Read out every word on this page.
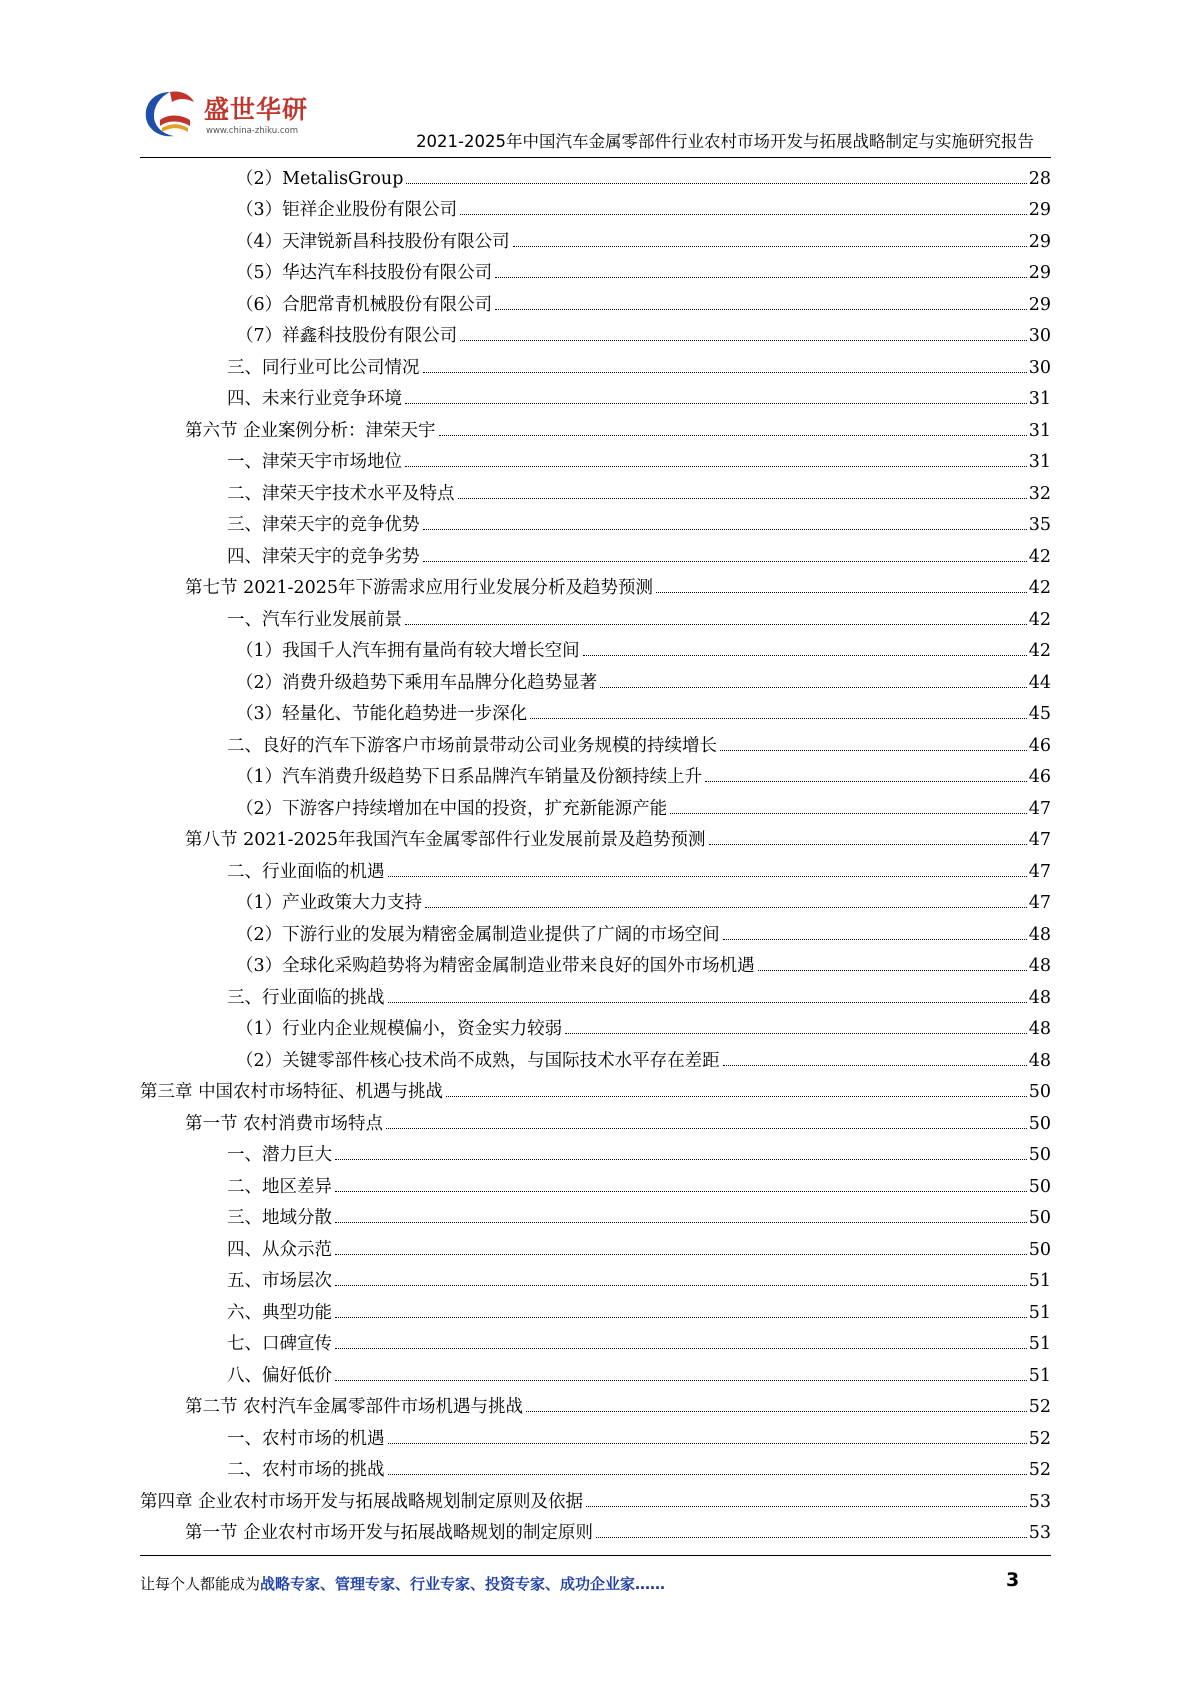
盛世华研
www.china-zhiku.com
2021-2025年中国汽车金属零部件行业农村市场开发与拓展战略制定与实施研究报告
（2）MetalisGroup	28
（3）钜祥企业股份有限公司	29
（4）天津锐新昌科技股份有限公司	29
（5）华达汽车科技股份有限公司	29
（6）合肥常青机械股份有限公司	29
（7）祥鑫科技股份有限公司	30
三、同行业可比公司情况	30
四、未来行业竞争环境	31
第六节 企业案例分析：津荣天宇	31
一、津荣天宇市场地位	31
二、津荣天宇技术水平及特点	32
三、津荣天宇的竞争优势	35
四、津荣天宇的竞争劣势	42
第七节 2021-2025年下游需求应用行业发展分析及趋势预测	42
一、汽车行业发展前景	42
（1）我国千人汽车拥有量尚有较大增长空间	42
（2）消费升级趋势下乘用车品牌分化趋势显著	44
（3）轻量化、节能化趋势进一步深化	45
二、良好的汽车下游客户市场前景带动公司业务规模的持续增长	46
（1）汽车消费升级趋势下日系品牌汽车销量及份额持续上升	46
（2）下游客户持续增加在中国的投资，扩充新能源产能	47
第八节 2021-2025年我国汽车金属零部件行业发展前景及趋势预测	47
二、行业面临的机遇	47
（1）产业政策大力支持	47
（2）下游行业的发展为精密金属制造业提供了广阔的市场空间	48
（3）全球化采购趋势将为精密金属制造业带来良好的国外市场机遇	48
三、行业面临的挑战	48
（1）行业内企业规模偏小，资金实力较弱	48
（2）关键零部件核心技术尚不成熟，与国际技术水平存在差距	48
第三章 中国农村市场特征、机遇与挑战	50
第一节 农村消费市场特点	50
一、潜力巨大	50
二、地区差异	50
三、地域分散	50
四、从众示范	50
五、市场层次	51
六、典型功能	51
七、口碑宣传	51
八、偏好低价	51
第二节 农村汽车金属零部件市场机遇与挑战	52
一、农村市场的机遇	52
二、农村市场的挑战	52
第四章 企业农村市场开发与拓展战略规划制定原则及依据	53
第一节 企业农村市场开发与拓展战略规划的制定原则	53
让每个人都能成为战略专家、管理专家、行业专家、投资专家、成功企业家……	3
